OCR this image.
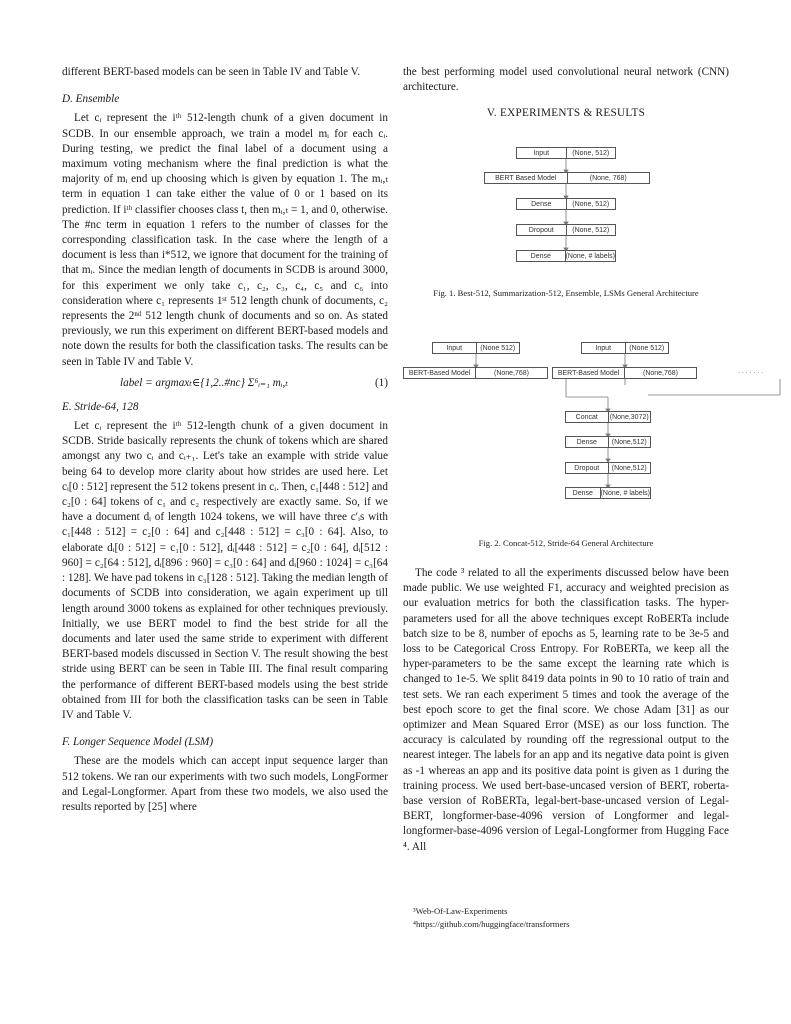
different BERT-based models can be seen in Table IV and Table V.

D. Ensemble

Let cᵢ represent the iᵗʰ 512-length chunk of a given document in SCDB. In our ensemble approach, we train a model mᵢ for each cᵢ. During testing, we predict the final label of a document using a maximum voting mechanism where the final prediction is what the majority of mᵢ end up choosing which is given by equation 1. The mᵢ,ₜ term in equation 1 can take either the value of 0 or 1 based on its prediction. If iᵗʰ classifier chooses class t, then mᵢ,ₜ = 1, and 0, otherwise. The #nc term in equation 1 refers to the number of classes for the corresponding classification task. In the case where the length of a document is less than i*512, we ignore that document for the training of that mᵢ. Since the median length of documents in SCDB is around 3000, for this experiment we only take c₁, c₂, c₃, c₄, c₅ and c₆ into consideration where c₁ represents 1ˢᵗ 512 length chunk of documents, c₂ represents the 2ⁿᵈ 512 length chunk of documents and so on. As stated previously, we run this experiment on different BERT-based models and note down the results for both the classification tasks. The results can be seen in Table IV and Table V.

label = argmaxₜ∈{1,2..#nc} Σ⁶ᵢ₌₁ mᵢ,ₜ	(1)

E. Stride-64, 128

Let cᵢ represent the iᵗʰ 512-length chunk of a given document in SCDB. Stride basically represents the chunk of tokens which are shared amongst any two cᵢ and cᵢ₊₁. Let's take an example with stride value being 64 to develop more clarity about how strides are used here. Let cᵢ[0 : 512] represent the 512 tokens present in cᵢ. Then, c₁[448 : 512] and c₂[0 : 64] tokens of c₁ and c₂ respectively are exactly same. So, if we have a document dᵢ of length 1024 tokens, we will have three c′ᵢs with c₁[448 : 512] = c₂[0 : 64] and c₂[448 : 512] = c₃[0 : 64]. Also, to elaborate dᵢ[0 : 512] = c₁[0 : 512], dᵢ[448 : 512] = c₂[0 : 64], dᵢ[512 : 960] = c₂[64 : 512], dᵢ[896 : 960] = c₃[0 : 64] and dᵢ[960 : 1024] = c₃[64 : 128]. We have pad tokens in c₃[128 : 512]. Taking the median length of documents of SCDB into consideration, we again experiment up till length around 3000 tokens as explained for other techniques previously. Initially, we use BERT model to find the best stride for all the documents and later used the same stride to experiment with different BERT-based models discussed in Section V. The result showing the best stride using BERT can be seen in Table III. The final result comparing the performance of different BERT-based models using the best stride obtained from III for both the classification tasks can be seen in Table IV and Table V.

F. Longer Sequence Model (LSM)

These are the models which can accept input sequence larger than 512 tokens. We ran our experiments with two such models, LongFormer and Legal-Longformer. Apart from these two models, we also used the results reported by [25] where

the best performing model used convolutional neural network (CNN) architecture.

V. EXPERIMENTS & RESULTS
Input	(None, 512)
BERT Based Model	(None, 768)
Dense	(None, 512)
Dropout	(None, 512)
Dense	(None, # labels)
Fig. 1. Best-512, Summarization-512, Ensemble, LSMs General Architecture
Input	(None 512)	Input	(None 512)
BERT-Based Model	(None,768)	BERT-Based Model	(None,768)	. . . . . . .
Concat	(None,3072)
Dense	(None,512)
Dropout	(None,512)
Dense	(None, # labels)
Fig. 2. Concat-512, Stride-64 General Architecture

The code ³ related to all the experiments discussed below have been made public. We use weighted F1, accuracy and weighted precision as our evaluation metrics for both the classification tasks. The hyper-parameters used for all the above techniques except RoBERTa include batch size to be 8, number of epochs as 5, learning rate to be 3e-5 and loss to be Categorical Cross Entropy. For RoBERTa, we keep all the hyper-parameters to be the same except the learning rate which is changed to 1e-5. We split 8419 data points in 90 to 10 ratio of train and test sets. We ran each experiment 5 times and took the average of the best epoch score to get the final score. We chose Adam [31] as our optimizer and Mean Squared Error (MSE) as our loss function. The accuracy is calculated by rounding off the regressional output to the nearest integer. The labels for an app and its negative data point is given as -1 whereas an app and its positive data point is given as 1 during the training process. We used bert-base-uncased version of BERT, roberta-base version of RoBERTa, legal-bert-base-uncased version of Legal-BERT, longformer-base-4096 version of Longformer and legal-longformer-base-4096 version of Legal-Longformer from Hugging Face ⁴. All

³Web-Of-Law-Experiments
⁴https://github.com/huggingface/transformers
